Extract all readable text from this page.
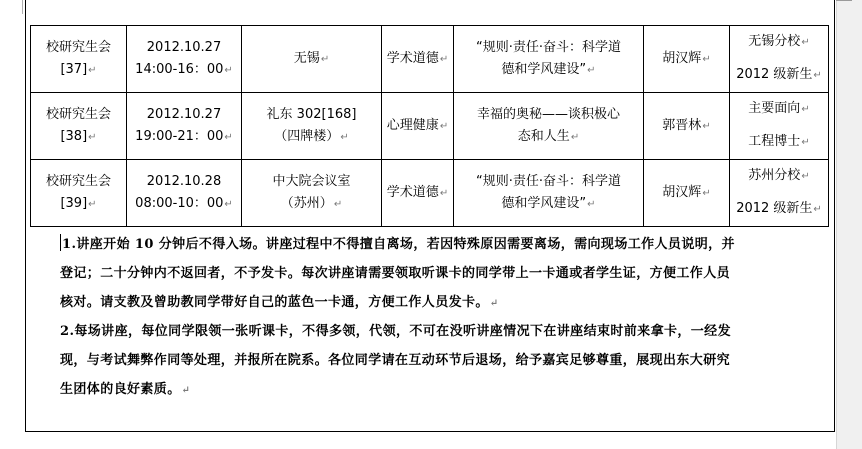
校研究生会
[37] ↵	2012.10.27
14:00-16：00 ↵	无锡 ↵	学术道德 ↵	“规则·责任·奋斗：科学道
德和学风建设” ↵	胡汉辉 ↵	无锡分校 ↵
2012 级新生 ↵

校研究生会
[38] ↵	2012.10.27
19:00-21：00 ↵	礼东 302[168]
（四牌楼） ↵	心理健康 ↵	幸福的奥秘——谈积极心
态和人生 ↵	郭晋林 ↵	主要面向 ↵
工程博士 ↵

校研究生会
[39] ↵	2012.10.28
08:00-10：00 ↵	中大院会议室
（苏州） ↵	学术道德 ↵	“规则·责任·奋斗：科学道
德和学风建设” ↵	胡汉辉 ↵	苏州分校 ↵
2012 级新生 ↵
1.讲座开始 10 分钟后不得入场。讲座过程中不得擅自离场，若因特殊原因需要离场，需向现场工作人员说明，并
登记；二十分钟内不返回者，不予发卡。每次讲座请需要领取听课卡的同学带上一卡通或者学生证，方便工作人员
核对。请支教及曾助教同学带好自己的蓝色一卡通，方便工作人员发卡。 ↵
2.每场讲座，每位同学限领一张听课卡，不得多领，代领，不可在没听讲座情况下在讲座结束时前来拿卡，一经发
现，与考试舞弊作同等处理，并报所在院系。各位同学请在互动环节后退场，给予嘉宾足够尊重，展现出东大研究
生团体的良好素质。 ↵
